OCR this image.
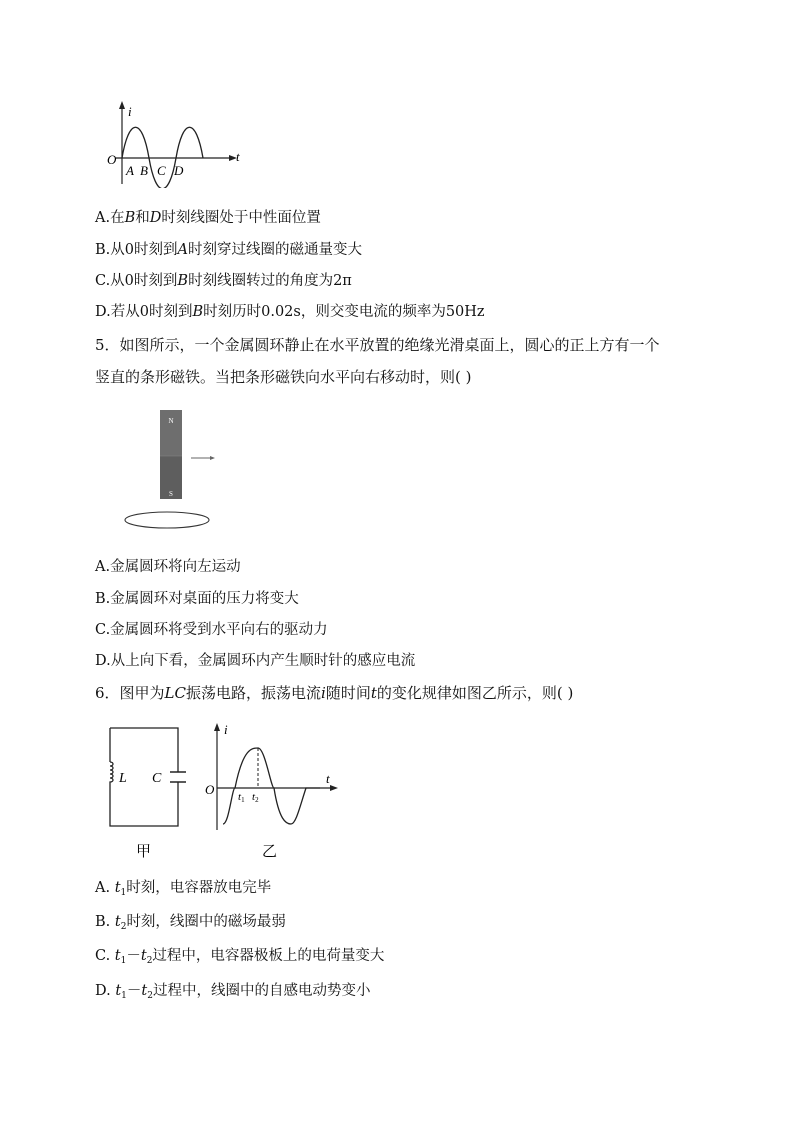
i
t
O
A B C D
A.在B和D时刻线圈处于中性面位置
B.从0时刻到A时刻穿过线圈的磁通量变大
C.从0时刻到B时刻线圈转过的角度为2π
D.若从0时刻到B时刻历时0.02s，则交变电流的频率为50Hz
5．如图所示，一个金属圆环静止在水平放置的绝缘光滑桌面上，圆心的正上方有一个
竖直的条形磁铁。当把条形磁铁向水平向右移动时，则( )
N
S
A.金属圆环将向左运动
B.金属圆环对桌面的压力将变大
C.金属圆环将受到水平向右的驱动力
D.从上向下看，金属圆环内产生顺时针的感应电流
6．图甲为LC振荡电路，振荡电流i随时间t的变化规律如图乙所示，则( )
L C
甲
i
t
O t1 t2
乙
A. $t_1$时刻，电容器放电完毕
B. $t_2$时刻，线圈中的磁场最弱
C. $t_1-t_2$过程中，电容器极板上的电荷量变大
D. $t_1-t_2$过程中，线圈中的自感电动势变小
